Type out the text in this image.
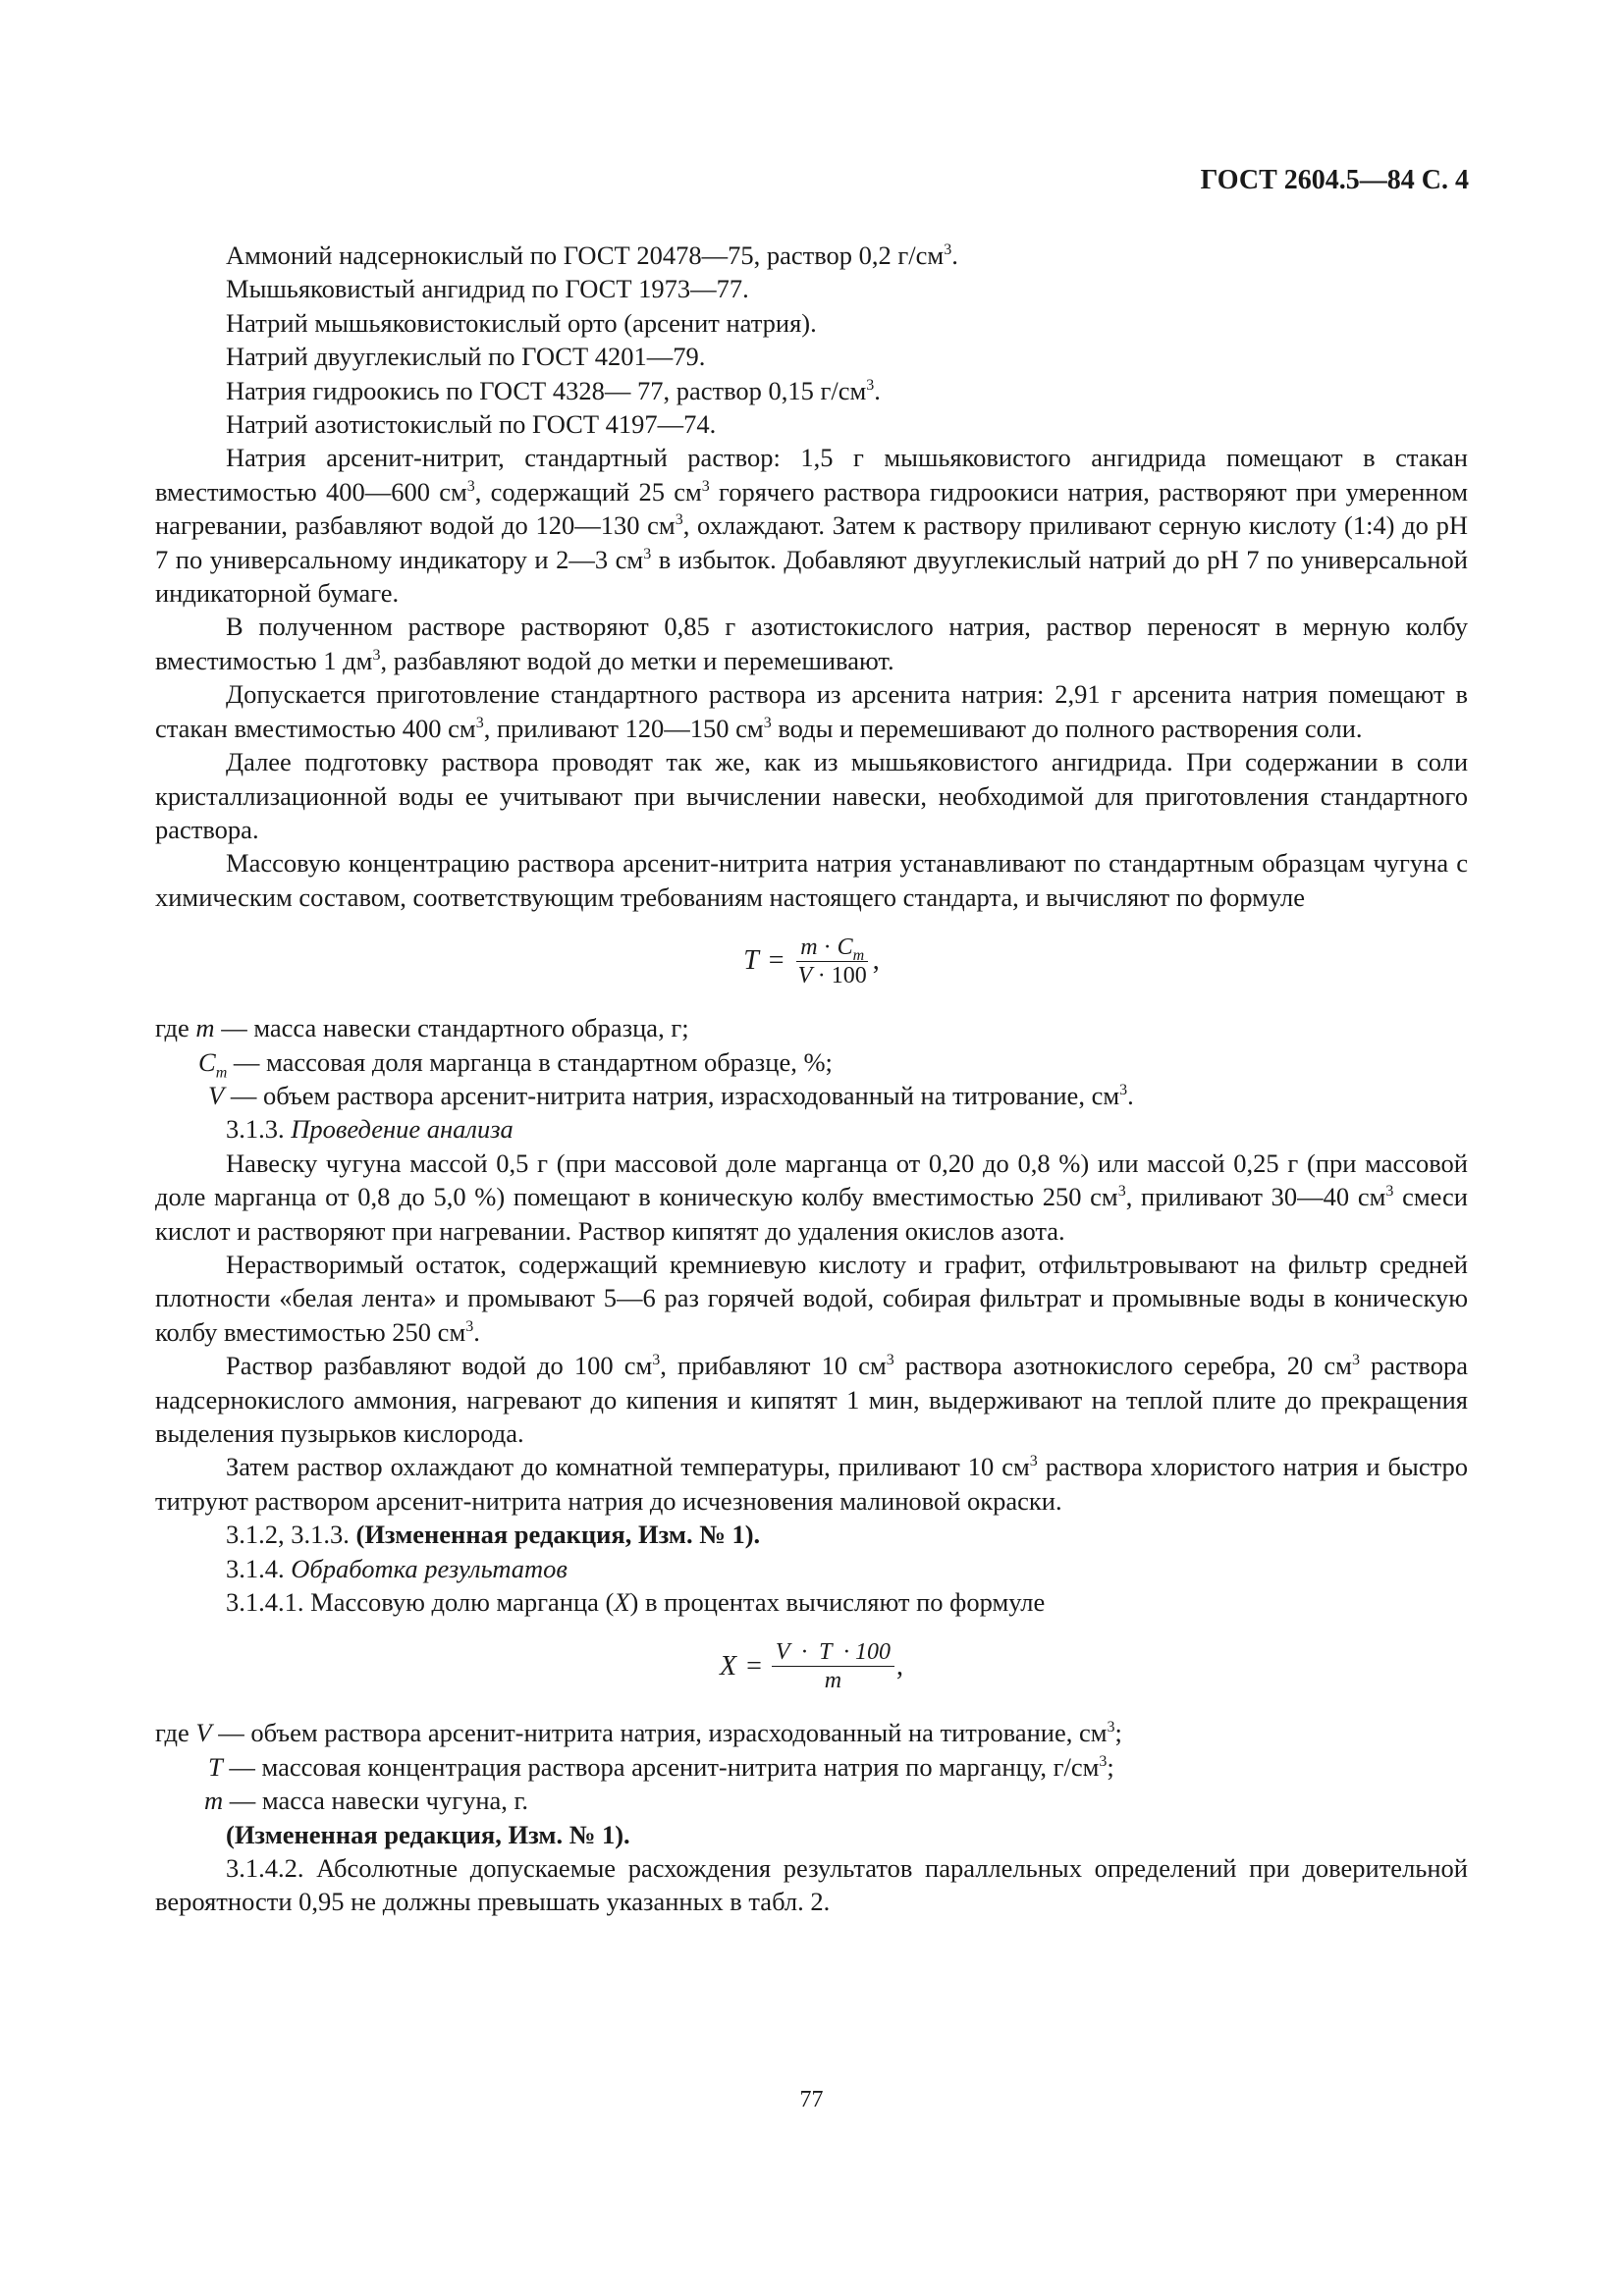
ГОСТ 2604.5—84 С. 4

Аммоний надсернокислый по ГОСТ 20478—75, раствор 0,2 $г/см^3$.

Мышьяковистый ангидрид по ГОСТ 1973—77.

Натрий мышьяковистокислый орто (арсенит натрия).

Натрий двууглекислый по ГОСТ 4201—79.

Натрия гидроокись по ГОСТ 4328— 77, раствор 0,15 $г/см^3$.

Натрий азотистокислый по ГОСТ 4197—74.

Натрия арсенит-нитрит, стандартный раствор: 1,5 г мышьяковистого ангидрида помещают в стакан вместимостью 400—600 $см^3$, содержащий 25 $см^3$ горячего раствора гидроокиси натрия, растворяют при умеренном нагревании, разбавляют водой до 120—130 $см^3$, охлаждают. Затем к раствору приливают серную кислоту (1:4) до pH 7 по универсальному индикатору и 2—3 $см^3$ в избыток. Добавляют двууглекислый натрий до pH 7 по универсальной индикаторной бумаге.

В полученном растворе растворяют 0,85 г азотистокислого натрия, раствор переносят в мерную колбу вместимостью 1 $дм^3$, разбавляют водой до метки и перемешивают.

Допускается приготовление стандартного раствора из арсенита натрия: 2,91 г арсенита натрия помещают в стакан вместимостью 400 $см^3$, приливают 120—150 $см^3$ воды и перемешивают до полного растворения соли.

Далее подготовку раствора проводят так же, как из мышьяковистого ангидрида. При содержании в соли кристаллизационной воды ее учитывают при вычислении навески, необходимой для приготовления стандартного раствора.

Массовую концентрацию раствора арсенит-нитрита натрия устанавливают по стандартным образцам чугуна с химическим составом, соответствующим требованиям настоящего стандарта, и вычисляют по формуле

$T = \frac{m \cdot C_m}{V \cdot 100}$ ,

где m — масса навески стандартного образца, г;

$C_m$ — массовая доля марганца в стандартном образце, %;

V — объем раствора арсенит-нитрита натрия, израсходованный на титрование, $см^3$.

3.1.3. Проведение анализа

Навеску чугуна массой 0,5 г (при массовой доле марганца от 0,20 до 0,8 %) или массой 0,25 г (при массовой доле марганца от 0,8 до 5,0 %) помещают в коническую колбу вместимостью 250 $см^3$, приливают 30—40 $см^3$ смеси кислот и растворяют при нагревании. Раствор кипятят до удаления окислов азота.

Нерастворимый остаток, содержащий кремниевую кислоту и графит, отфильтровывают на фильтр средней плотности «белая лента» и промывают 5—6 раз горячей водой, собирая фильтрат и промывные воды в коническую колбу вместимостью 250 $см^3$.

Раствор разбавляют водой до 100 $см^3$, прибавляют 10 $см^3$ раствора азотнокислого серебра, 20 $см^3$ раствора надсернокислого аммония, нагревают до кипения и кипятят 1 мин, выдерживают на теплой плите до прекращения выделения пузырьков кислорода.

Затем раствор охлаждают до комнатной температуры, приливают 10 $см^3$ раствора хлористого натрия и быстро титруют раствором арсенит-нитрита натрия до исчезновения малиновой окраски.

3.1.2, 3.1.3. (Измененная редакция, Изм. № 1).

3.1.4. Обработка результатов

3.1.4.1. Массовую долю марганца (X) в процентах вычисляют по формуле

$X = \frac{V \cdot T \cdot 100}{m}$ ,

где V — объем раствора арсенит-нитрита натрия, израсходованный на титрование, $см^3$;

T — массовая концентрация раствора арсенит-нитрита натрия по марганцу, $г/см^3$;

m — масса навески чугуна, г.

(Измененная редакция, Изм. № 1).

3.1.4.2. Абсолютные допускаемые расхождения результатов параллельных определений при доверительной вероятности 0,95 не должны превышать указанных в табл. 2.

77
